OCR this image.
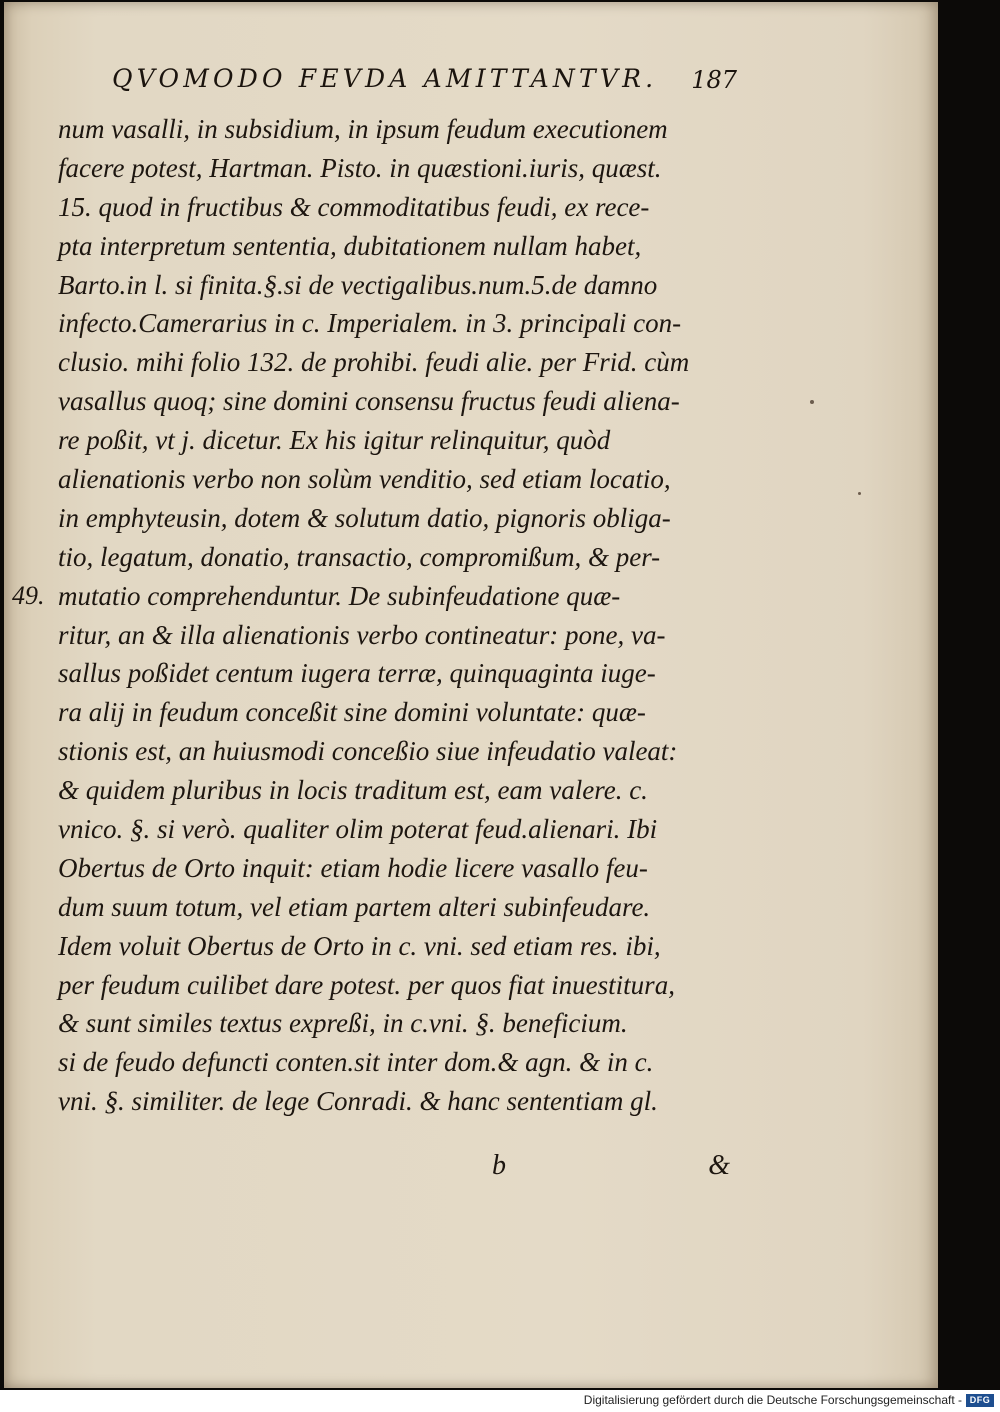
QVOMODO FEVDA AMITTANTVR. 187
num vasalli, in subsidium, in ipsum feudum executionem
facere potest, Hartman. Pisto. in quæstioni.iuris, quæst.
15. quod in fructibus & commoditatibus feudi, ex rece-
pta interpretum sententia, dubitationem nullam habet,
Barto.in l. si finita.§.si de vectigalibus.num.5.de damno
infecto.Camerarius in c. Imperialem. in 3. principali con-
clusio. mihi folio 132. de prohibi. feudi alie. per Frid. cùm
vasallus quoq; sine domini consensu fructus feudi aliena-
re poßit, vt j. dicetur. Ex his igitur relinquitur, quòd
alienationis verbo non solùm venditio, sed etiam locatio,
in emphyteusin, dotem & solutum datio, pignoris obliga-
tio, legatum, donatio, transactio, compromißum, & per-
49. mutatio comprehenduntur. De subinfeudatione quæ-
ritur, an & illa alienationis verbo contineatur: pone, va-
sallus poßidet centum iugera terræ, quinquaginta iuge-
ra alij in feudum conceßit sine domini voluntate: quæ-
stionis est, an huiusmodi conceßio siue infeudatio valeat:
& quidem pluribus in locis traditum est, eam valere. c.
vnico. §. si verò. qualiter olim poterat feud.alienari. Ibi
Obertus de Orto inquit: etiam hodie licere vasallo feu-
dum suum totum, vel etiam partem alteri subinfeudare.
Idem voluit Obertus de Orto in c. vni. sed etiam res. ibi,
per feudum cuilibet dare potest. per quos fiat inuestitura,
& sunt similes textus expreßi, in c.vni. §. beneficium.
si de feudo defuncti conten.sit inter dom.& agn. & in c.
vni. §. similiter. de lege Conradi. & hanc sententiam gl.
b	&
Digitalisierung gefördert durch die Deutsche Forschungsgemeinschaft - DFG
